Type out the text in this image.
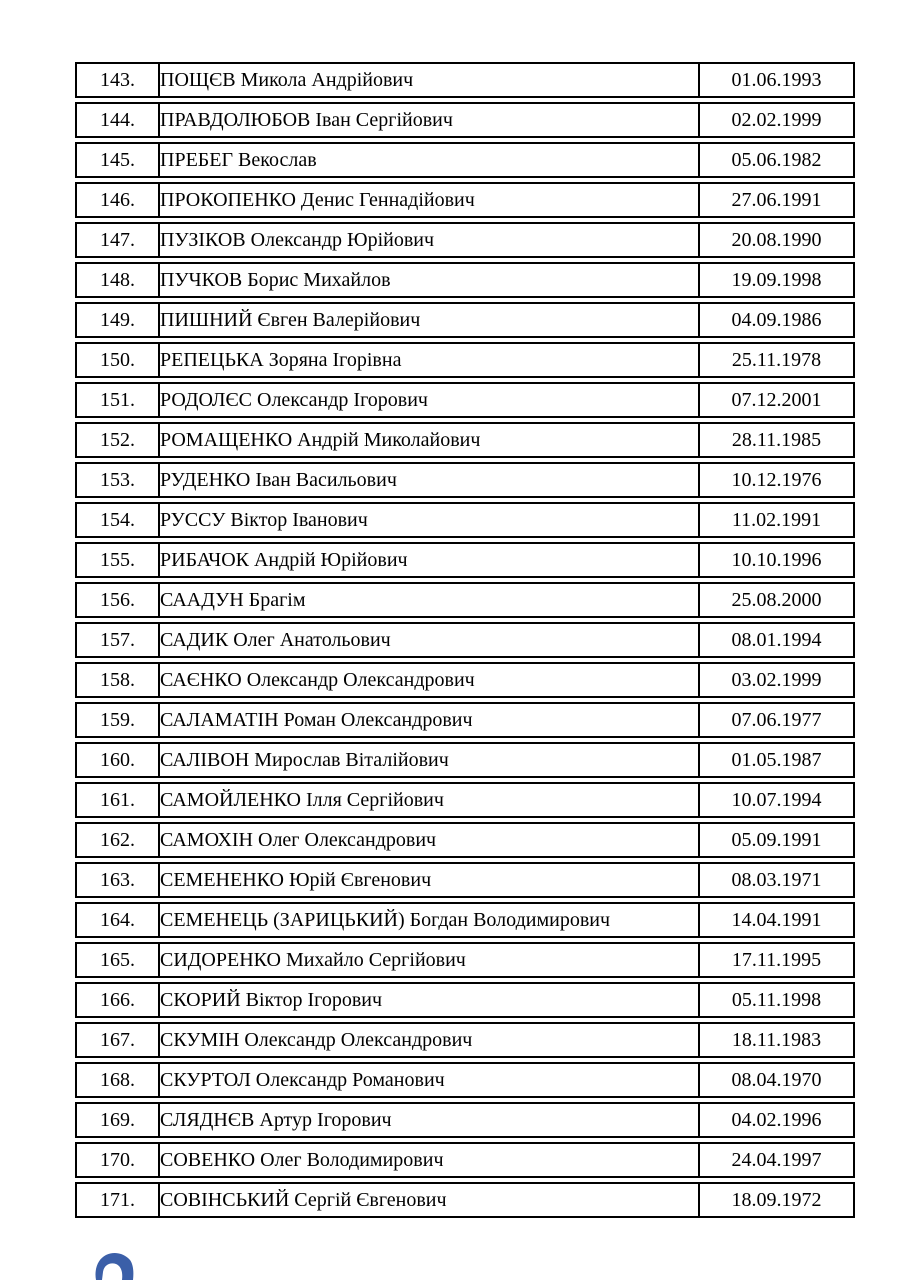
143.	ПОЩЄВ Микола Андрійович	01.06.1993
144.	ПРАВДОЛЮБОВ Іван Сергійович	02.02.1999
145.	ПРЕБЕГ Векослав	05.06.1982
146.	ПРОКОПЕНКО Денис Геннадійович	27.06.1991
147.	ПУЗІКОВ Олександр Юрійович	20.08.1990
148.	ПУЧКОВ Борис Михайлов	19.09.1998
149.	ПИШНИЙ Євген Валерійович	04.09.1986
150.	РЕПЕЦЬКА Зоряна Ігорівна	25.11.1978
151.	РОДОЛЄС Олександр Ігорович	07.12.2001
152.	РОМАЩЕНКО Андрій Миколайович	28.11.1985
153.	РУДЕНКО Іван Васильович	10.12.1976
154.	РУССУ Віктор Іванович	11.02.1991
155.	РИБАЧОК Андрій Юрійович	10.10.1996
156.	СААДУН Брагім	25.08.2000
157.	САДИК Олег Анатольович	08.01.1994
158.	САЄНКО Олександр Олександрович	03.02.1999
159.	САЛАМАТІН Роман Олександрович	07.06.1977
160.	САЛІВОН Мирослав Віталійович	01.05.1987
161.	САМОЙЛЕНКО Ілля Сергійович	10.07.1994
162.	САМОХІН Олег Олександрович	05.09.1991
163.	СЕМЕНЕНКО Юрій Євгенович	08.03.1971
164.	СЕМЕНЕЦЬ (ЗАРИЦЬКИЙ) Богдан Володимирович	14.04.1991
165.	СИДОРЕНКО Михайло Сергійович	17.11.1995
166.	СКОРИЙ Віктор Ігорович	05.11.1998
167.	СКУМІН Олександр Олександрович	18.11.1983
168.	СКУРТОЛ Олександр Романович	08.04.1970
169.	СЛЯДНЄВ Артур Ігорович	04.02.1996
170.	СОВЕНКО Олег Володимирович	24.04.1997
171.	СОВІНСЬКИЙ Сергій Євгенович	18.09.1972
